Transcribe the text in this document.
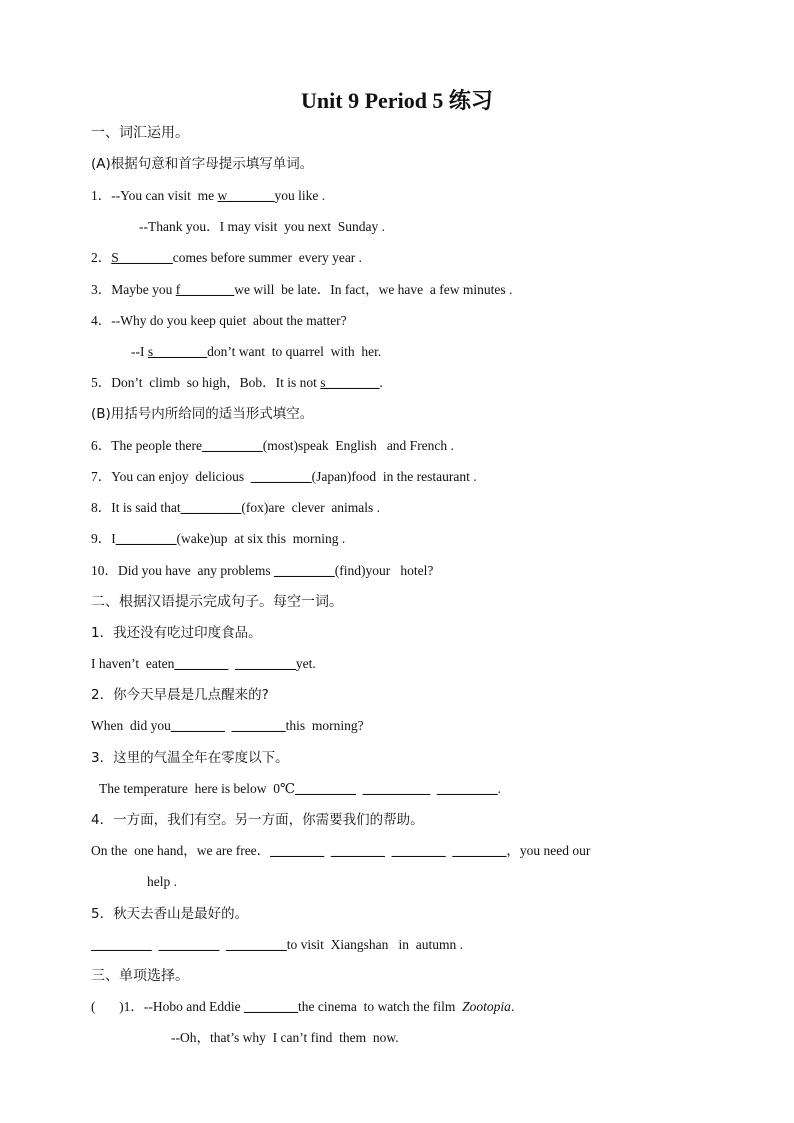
Unit 9 Period 5 练习
一、词汇运用。
(A)根据句意和首字母提示填写单词。
1．--You can visit  me w_______you like .
--Thank you．I may visit  you next  Sunday .
2．S________comes before summer  every year .
3．Maybe you f________we will  be late．In fact，we have  a few minutes .
4．--Why do you keep quiet  about the matter?
--I s________don’t want  to quarrel  with  her.
5．Don’t  climb  so high，Bob．It is not s________.
(B)用括号内所给同的适当形式填空。
6．The people there_________(most)speak  English   and French .
7．You can enjoy  delicious  _________(Japan)food  in the restaurant .
8．It is said that_________(fox)are  clever  animals .
9．I_________(wake)up  at six this  morning .
10．Did you have  any problems _________(find)your   hotel?
二、根据汉语提示完成句子。每空一词。
1．我还没有吃过印度食品。
I haven’t  eaten________ _________yet.
2．你今天早晨是几点醒来的?
When  did you________ ________this  morning?
3．这里的气温全年在零度以下。
The temperature  here is below  0℃_________ __________ _________.
4．一方面，我们有空。另一方面，你需要我们的帮助。
On the  one hand，we are free．________ ________ ________ ________，you need our
help .
5．秋天去香山是最好的。
_________ _________ _________to visit  Xiangshan   in  autumn .
三、单项选择。
(       )1．--Hobo and Eddie ________the cinema  to watch the film  Zootopia.
--Oh，that’s why  I can’t find  them  now.
